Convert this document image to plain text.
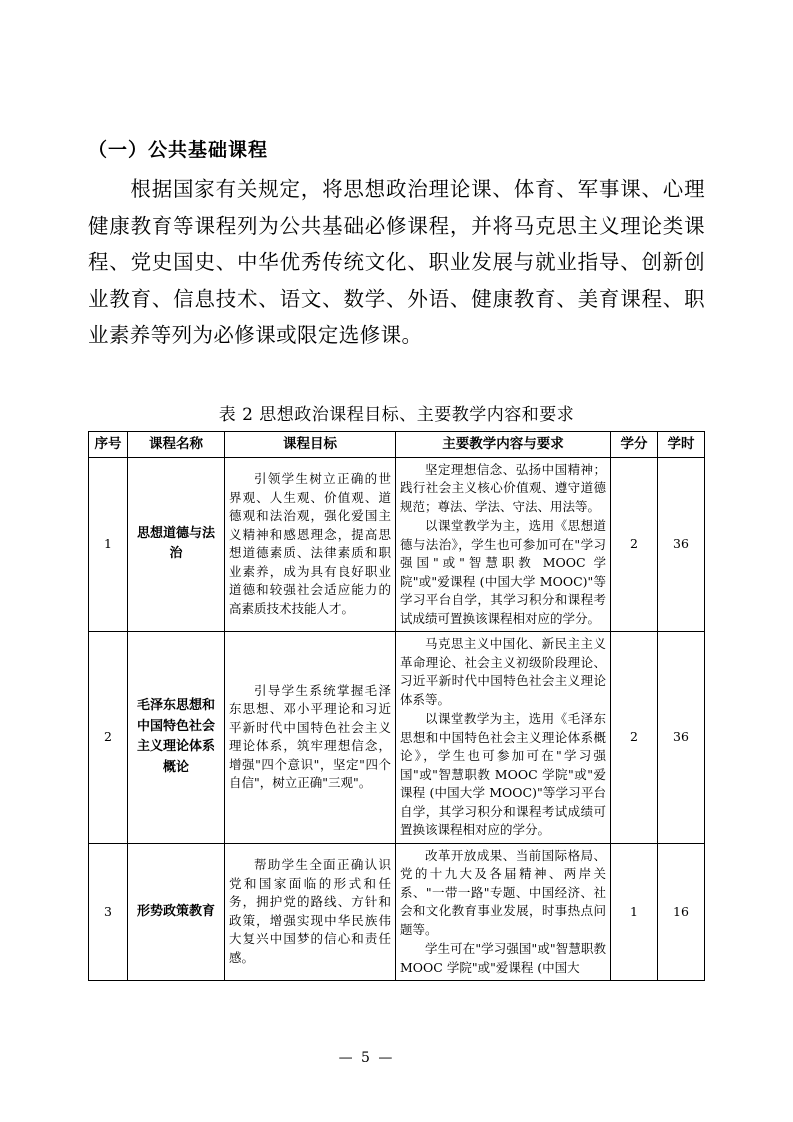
（一）公共基础课程

根据国家有关规定，将思想政治理论课、体育、军事课、心理健康教育等课程列为公共基础必修课程，并将马克思主义理论类课程、党史国史、中华优秀传统文化、职业发展与就业指导、创新创业教育、信息技术、语文、数学、外语、健康教育、美育课程、职业素养等列为必修课或限定选修课。

表 2 思想政治课程目标、主要教学内容和要求
序号	课程名称	课程目标	主要教学内容与要求	学分	学时
1	思想道德与法治	引领学生树立正确的世界观、人生观、价值观、道德观和法治观，强化爱国主义精神和感恩理念，提高思想道德素质、法律素质和职业素养，成为具有良好职业道德和较强社会适应能力的高素质技术技能人才。	坚定理想信念、弘扬中国精神；践行社会主义核心价值观、遵守道德规范；尊法、学法、守法、用法等。

以课堂教学为主，选用《思想道德与法治》，学生也可参加可在"学习强国"或"智慧职教 MOOC 学院"或"爱课程 (中国大学 MOOC)"等学习平台自学，其学习积分和课程考试成绩可置换该课程相对应的学分。	2	36
2	毛泽东思想和中国特色社会主义理论体系概论	引导学生系统掌握毛泽东思想、邓小平理论和习近平新时代中国特色社会主义理论体系，筑牢理想信念，增强"四个意识"，坚定"四个自信"，树立正确"三观"。	马克思主义中国化、新民主主义革命理论、社会主义初级阶段理论、习近平新时代中国特色社会主义理论体系等。

以课堂教学为主，选用《毛泽东思想和中国特色社会主义理论体系概论》，学生也可参加可在"学习强国"或"智慧职教 MOOC 学院"或"爱课程 (中国大学 MOOC)"等学习平台自学，其学习积分和课程考试成绩可置换该课程相对应的学分。	2	36
3	形势政策教育	帮助学生全面正确认识党和国家面临的形式和任务，拥护党的路线、方针和政策，增强实现中华民族伟大复兴中国梦的信心和责任感。	改革开放成果、当前国际格局、党的十九大及各届精神、两岸关系、"一带一路"专题、中国经济、社会和文化教育事业发展，时事热点问题等。

学生可在"学习强国"或"智慧职教 MOOC 学院"或"爱课程 (中国大	1	16
— 5 —
